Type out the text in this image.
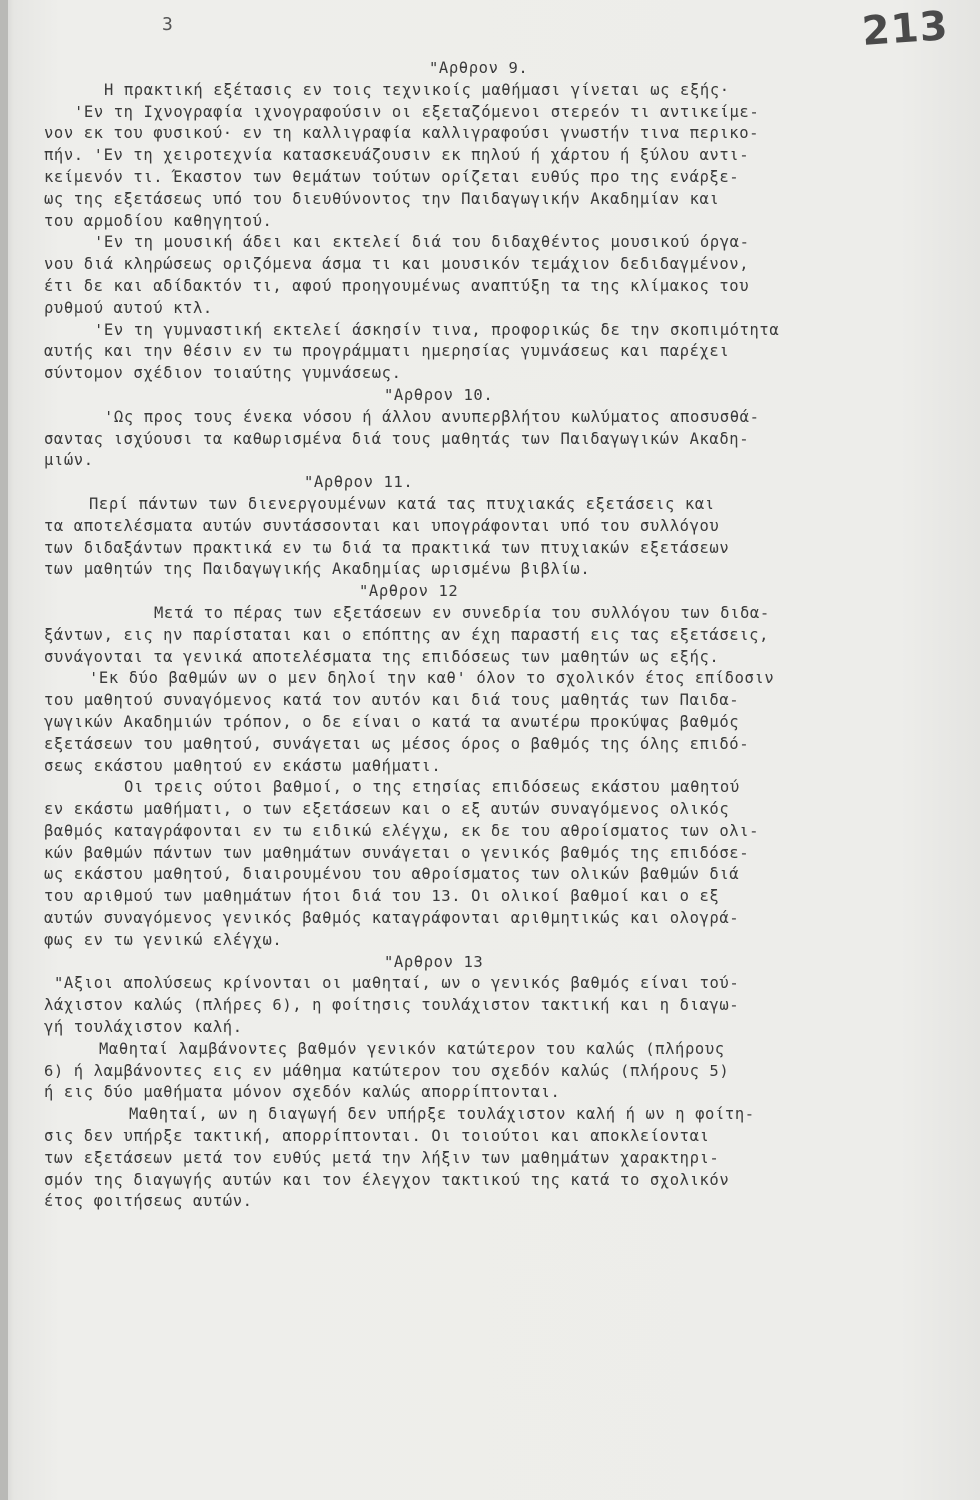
3	213
"Αρθρον 9.
Η πρακτική εξέτασις εν τοις τεχνικοίς μαθήμασι γίνεται ως εξής·
'Εν τη Ιχνογραφία ιχνογραφούσιν οι εξεταζόμενοι στερεόν τι αντικείμε-
νον εκ του φυσικού· εν τη καλλιγραφία καλλιγραφούσι γνωστήν τινα περικο-
πήν. 'Εν τη χειροτεχνία κατασκευάζουσιν εκ πηλού ή χάρτου ή ξύλου αντι-
κείμενόν τι. Έκαστον των θεμάτων τούτων ορίζεται ευθύς προ της ενάρξε-
ως της εξετάσεως υπό του διευθύνοντος την Παιδαγωγικήν Ακαδημίαν και
του αρμοδίου καθηγητού.
'Εν τη μουσική άδει και εκτελεί διά του διδαχθέντος μουσικού όργα-
νου διά κληρώσεως οριζόμενα άσμα τι και μουσικόν τεμάχιον δεδιδαγμένον,
έτι δε και αδίδακτόν τι, αφού προηγουμένως αναπτύξη τα της κλίμακος του
ρυθμού αυτού κτλ.
'Εν τη γυμναστική εκτελεί άσκησίν τινα, προφορικώς δε την σκοπιμότητα
αυτής και την θέσιν εν τω προγράμματι ημερησίας γυμνάσεως και παρέχει
σύντομον σχέδιον τοιαύτης γυμνάσεως.
"Αρθρον 10.
'Ως προς τους ένεκα νόσου ή άλλου ανυπερβλήτου κωλύματος αποσυσθά-
σαντας ισχύουσι τα καθωρισμένα διά τους μαθητάς των Παιδαγωγικών Ακαδη-
μιών.
"Αρθρον 11.
Περί πάντων των διενεργουμένων κατά τας πτυχιακάς εξετάσεις και
τα αποτελέσματα αυτών συντάσσονται και υπογράφονται υπό του συλλόγου
των διδαξάντων πρακτικά εν τω διά τα πρακτικά των πτυχιακών εξετάσεων
των μαθητών της Παιδαγωγικής Ακαδημίας ωρισμένω βιβλίω.
"Αρθρον 12
Μετά το πέρας των εξετάσεων εν συνεδρία του συλλόγου των διδα-
ξάντων, εις ην παρίσταται και ο επόπτης αν έχη παραστή εις τας εξετάσεις,
συνάγονται τα γενικά αποτελέσματα της επιδόσεως των μαθητών ως εξής.
'Εκ δύο βαθμών ων ο μεν δηλοί την καθ' όλον το σχολικόν έτος επίδοσιν
του μαθητού συναγόμενος κατά τον αυτόν και διά τους μαθητάς των Παιδα-
γωγικών Ακαδημιών τρόπον, ο δε είναι ο κατά τα ανωτέρω προκύψας βαθμός
εξετάσεων του μαθητού, συνάγεται ως μέσος όρος ο βαθμός της όλης επιδό-
σεως εκάστου μαθητού εν εκάστω μαθήματι.
Οι τρεις ούτοι βαθμοί, ο της ετησίας επιδόσεως εκάστου μαθητού
εν εκάστω μαθήματι, ο των εξετάσεων και ο εξ αυτών συναγόμενος ολικός
βαθμός καταγράφονται εν τω ειδικώ ελέγχω, εκ δε του αθροίσματος των ολι-
κών βαθμών πάντων των μαθημάτων συνάγεται ο γενικός βαθμός της επιδόσε-
ως εκάστου μαθητού, διαιρουμένου του αθροίσματος των ολικών βαθμών διά
του αριθμού των μαθημάτων ήτοι διά του 13. Οι ολικοί βαθμοί και ο εξ
αυτών συναγόμενος γενικός βαθμός καταγράφονται αριθμητικώς και ολογρά-
φως εν τω γενικώ ελέγχω.
"Αρθρον 13
"Αξιοι απολύσεως κρίνονται οι μαθηταί, ων ο γενικός βαθμός είναι τού-
λάχιστον καλώς (πλήρες 6), η φοίτησις τουλάχιστον τακτική και η διαγω-
γή τουλάχιστον καλή.
Μαθηταί λαμβάνοντες βαθμόν γενικόν κατώτερον του καλώς (πλήρους
6) ή λαμβάνοντες εις εν μάθημα κατώτερον του σχεδόν καλώς (πλήρους 5)
ή εις δύο μαθήματα μόνον σχεδόν καλώς απορρίπτονται.
Μαθηταί, ων η διαγωγή δεν υπήρξε τουλάχιστον καλή ή ων η φοίτη-
σις δεν υπήρξε τακτική, απορρίπτονται. Οι τοιούτοι και αποκλείονται
των εξετάσεων μετά τον ευθύς μετά την λήξιν των μαθημάτων χαρακτηρι-
σμόν της διαγωγής αυτών και τον έλεγχον τακτικού της κατά το σχολικόν
έτος φοιτήσεως αυτών.
